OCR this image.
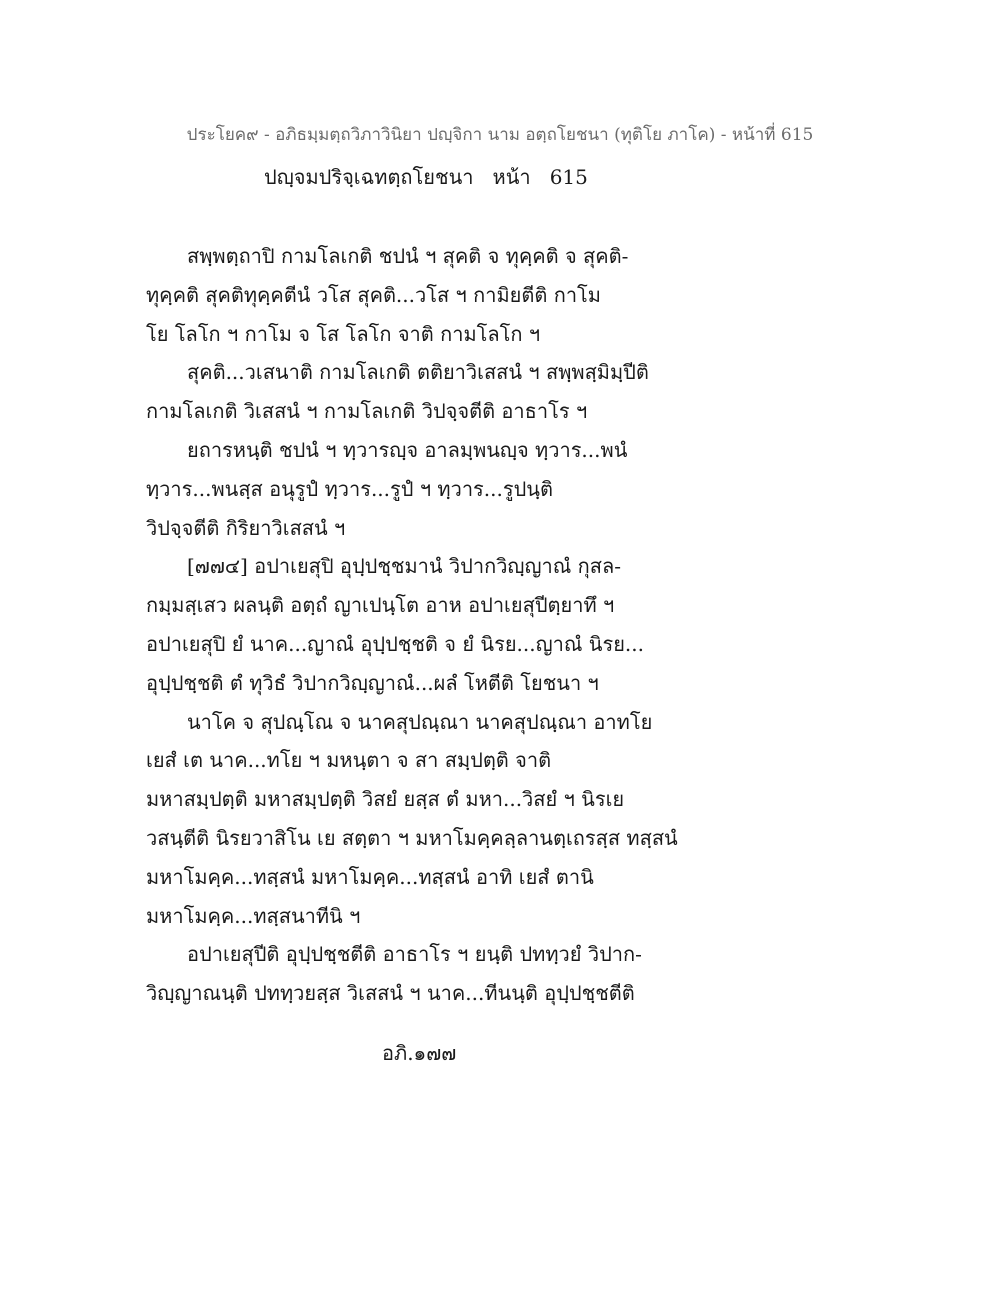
ประโยค๙ - อภิธมฺมตฺถวิภาวินิยา ปญฺจิกา นาม อตฺถโยชนา (ทุติโย ภาโค) - หน้าที่ 615
ปญฺจมปริจฺเฉทตฺถโยชนา   หน้า   615
สพฺพตฺถาปิ กามโลเกติ ชปนํ ฯ สุคติ จ ทุคฺคติ จ สุคติ-
ทุคฺคติ สุคติทุคฺคตีนํ วโส สุคติ...วโส ฯ กามิยตีติ กาโม
โย โลโก ฯ กาโม จ โส โลโก จาติ กามโลโก ฯ
สุคติ...วเสนาติ กามโลเกติ ตติยาวิเสสนํ ฯ สพฺพสฺมิมฺปีติ
กามโลเกติ วิเสสนํ ฯ กามโลเกติ วิปจฺจตีติ อาธาโร ฯ
ยถารหนฺติ ชปนํ ฯ ทฺวารญฺจ อาลมฺพนญฺจ ทฺวาร...พนํ
ทฺวาร...พนสฺส อนุรูปํ ทฺวาร...รูปํ ฯ ทฺวาร...รูปนฺติ
วิปจฺจตีติ กิริยาวิเสสนํ ฯ
[๗๗๔] อปาเยสุปิ อุปฺปชฺชมานํ วิปากวิญฺญาณํ กุสล-
กมฺมสฺเสว ผลนฺติ อตฺถํ ญาเปนฺโต อาห อปาเยสุปีตฺยาทึ ฯ
อปาเยสุปิ ยํ นาค...ญาณํ อุปฺปชฺชติ จ ยํ นิรย...ญาณํ นิรย...
อุปฺปชฺชติ ตํ ทุวิธํ วิปากวิญฺญาณํ...ผลํ โหตีติ โยชนา ฯ
นาโค จ สุปณฺโณ จ นาคสุปณฺณา นาคสุปณฺณา อาทโย
เยสํ เต นาค...ทโย ฯ มหนฺตา จ สา สมฺปตฺติ จาติ
มหาสมฺปตฺติ มหาสมฺปตฺติ วิสยํ ยสฺส ตํ มหา...วิสยํ ฯ นิรเย
วสนฺตีติ นิรยวาสิโน เย สตฺตา ฯ มหาโมคฺคลฺลานตฺเถรสฺส ทสฺสนํ
มหาโมคฺค...ทสฺสนํ มหาโมคฺค...ทสฺสนํ อาทิ เยสํ ตานิ
มหาโมคฺค...ทสฺสนาทีนิ ฯ
อปาเยสุปีติ อุปฺปชฺชตีติ อาธาโร ฯ ยนฺติ ปททฺวยํ วิปาก-
วิญฺญาณนฺติ ปททฺวยสฺส วิเสสนํ ฯ นาค...ทีนนฺติ อุปฺปชฺชตีติ
อภิ.๑๗๗
